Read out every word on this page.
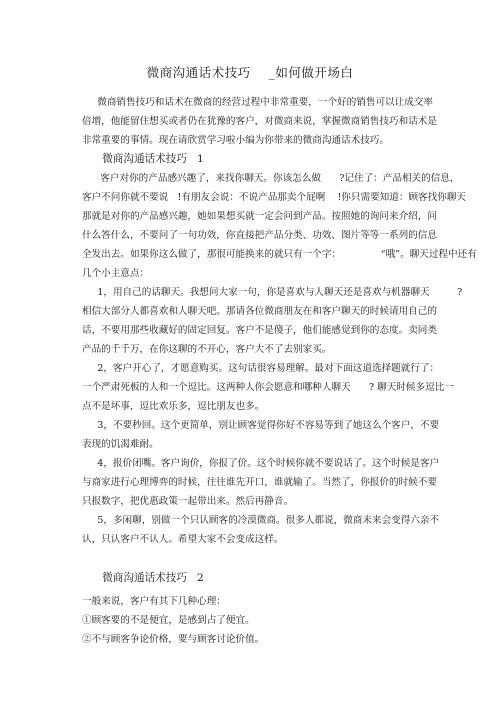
微商沟通话术技巧    _如何做开场白
微商销售技巧和话术在微商的经营过程中非常重要，一个好的销售可以让成交率
倍增，他能留住想买或者仍在犹豫的客户，对微商来说，掌握微商销售技巧和话术是
非常重要的事情。现在请欣赏学习啦小编为你带来的微商沟通话术技巧。
微商沟通话术技巧   1
客户对你的产品感兴趣了，来找你聊天。你该怎么做      ?记住了：产品相关的信息，
客户不问你就不要说   !有朋友会说：不说产品那卖个屁啊    !你只需要知道：顾客找你聊天
那就是对你的产品感兴趣，她如果想买就一定会问到产品。按照她的询问来介绍，问
什么答什么，不要问了一句功效，你直接把产品分类、功效、图片等等一系列的信息
全发出去。如果你这么做了，那很可能换来的就只有一个字：             “哦”。聊天过程中还有
几个小主意点：
1，用自己的话聊天。我想问大家一句，你是喜欢与人聊天还是喜欢与机器聊天         ?
相信大部分人都喜欢和人聊天吧。那请各位微商朋友在和客户聊天的时候请用自己的
话，不要用那些收藏好的固定回复。客户不是傻子，他们能感觉到你的态度。卖同类
产品的千千万，在你这聊的不开心，客户大不了去别家买。
2，客户开心了，才愿意购买。这句话很容易理解。最对下面这道选择题就行了：
一个严肃死板的人和一个逗比。这两种人你会愿意和哪种人聊天      ? 聊天时候多逗比一
点不是坏事，逗比欢乐多，逗比朋友也多。
3，不要秒回。这个更简单，别让顾客觉得你好不容易等到了她这么个客户，不要
表现的饥渴难耐。
4，报价闭嘴。客户询价，你报了价。这个时候你就不要说话了。这个时候是客户
与商家进行心理博弈的时候，往往谁先开口，谁就输了。当然了，你报价的时候不要
只报数字，把优惠政策一起带出来。然后再静音。
5，多闲聊，别做一个只认顾客的冷漠微商。很多人都说，微商未来会变得六亲不
认，只认客户不认人。希望大家不会变成这样。
微商沟通话术技巧   2
一般来说，客户有其下几种心理：
①顾客要的不是便宜，是感到占了便宜。
②不与顾客争论价格，要与顾客讨论价值。
